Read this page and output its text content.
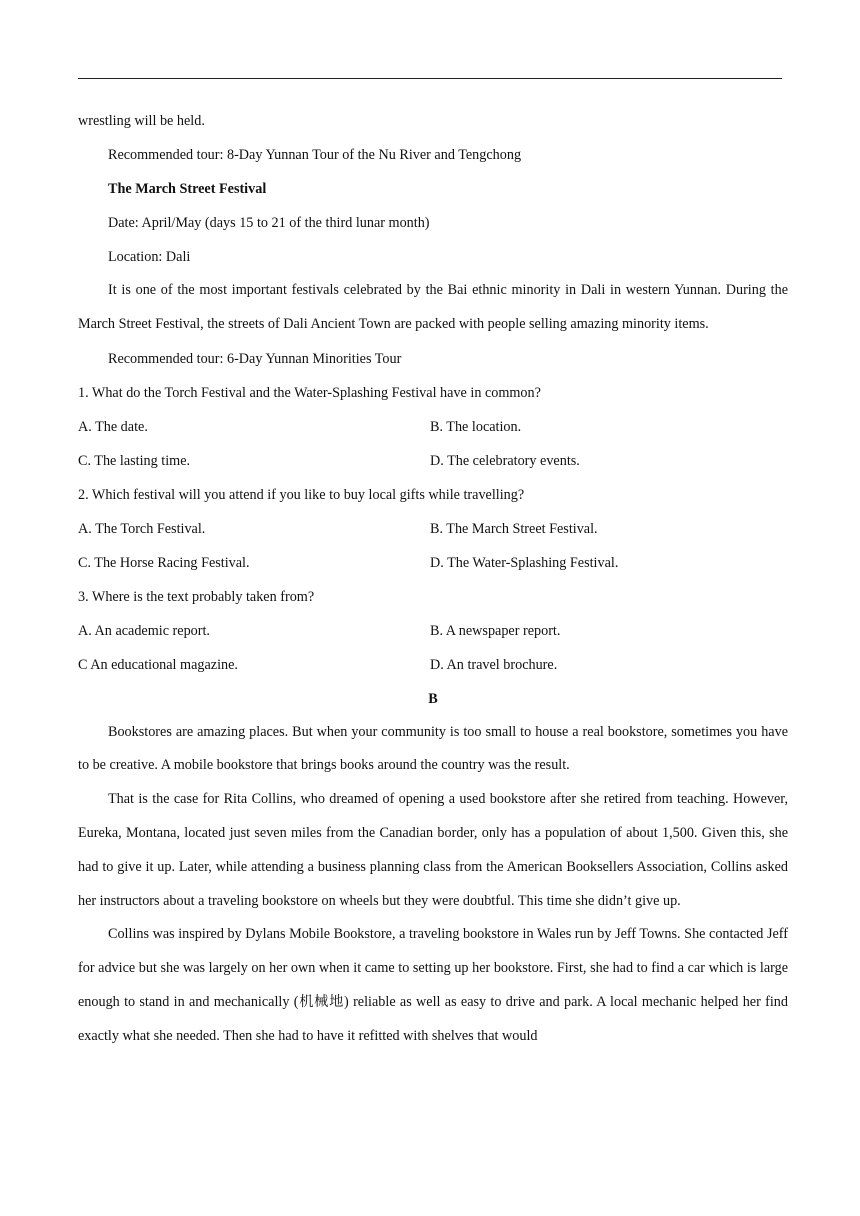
wrestling will be held.
Recommended tour: 8-Day Yunnan Tour of the Nu River and Tengchong
The March Street Festival
Date: April/May (days 15 to 21 of the third lunar month)
Location: Dali

It is one of the most important festivals celebrated by the Bai ethnic minority in Dali in western Yunnan. During the March Street Festival, the streets of Dali Ancient Town are packed with people selling amazing minority items.

Recommended tour: 6-Day Yunnan Minorities Tour
1. What do the Torch Festival and the Water-Splashing Festival have in common?
A. The date.	B. The location.
C. The lasting time.	D. The celebratory events.
2. Which festival will you attend if you like to buy local gifts while travelling?
A. The Torch Festival.	B. The March Street Festival.
C. The Horse Racing Festival.	D. The Water-Splashing Festival.
3. Where is the text probably taken from?
A. An academic report.	B. A newspaper report.
C An educational magazine.	D. An travel brochure.
B

Bookstores are amazing places. But when your community is too small to house a real bookstore, sometimes you have to be creative. A mobile bookstore that brings books around the country was the result.

That is the case for Rita Collins, who dreamed of opening a used bookstore after she retired from teaching. However, Eureka, Montana, located just seven miles from the Canadian border, only has a population of about 1,500. Given this, she had to give it up. Later, while attending a business planning class from the American Booksellers Association, Collins asked her instructors about a traveling bookstore on wheels but they were doubtful. This time she didn’t give up.

Collins was inspired by Dylans Mobile Bookstore, a traveling bookstore in Wales run by Jeff Towns. She contacted Jeff for advice but she was largely on her own when it came to setting up her bookstore. First, she had to find a car which is large enough to stand in and mechanically (机械地) reliable as well as easy to drive and park. A local mechanic helped her find exactly what she needed. Then she had to have it refitted with shelves that would
